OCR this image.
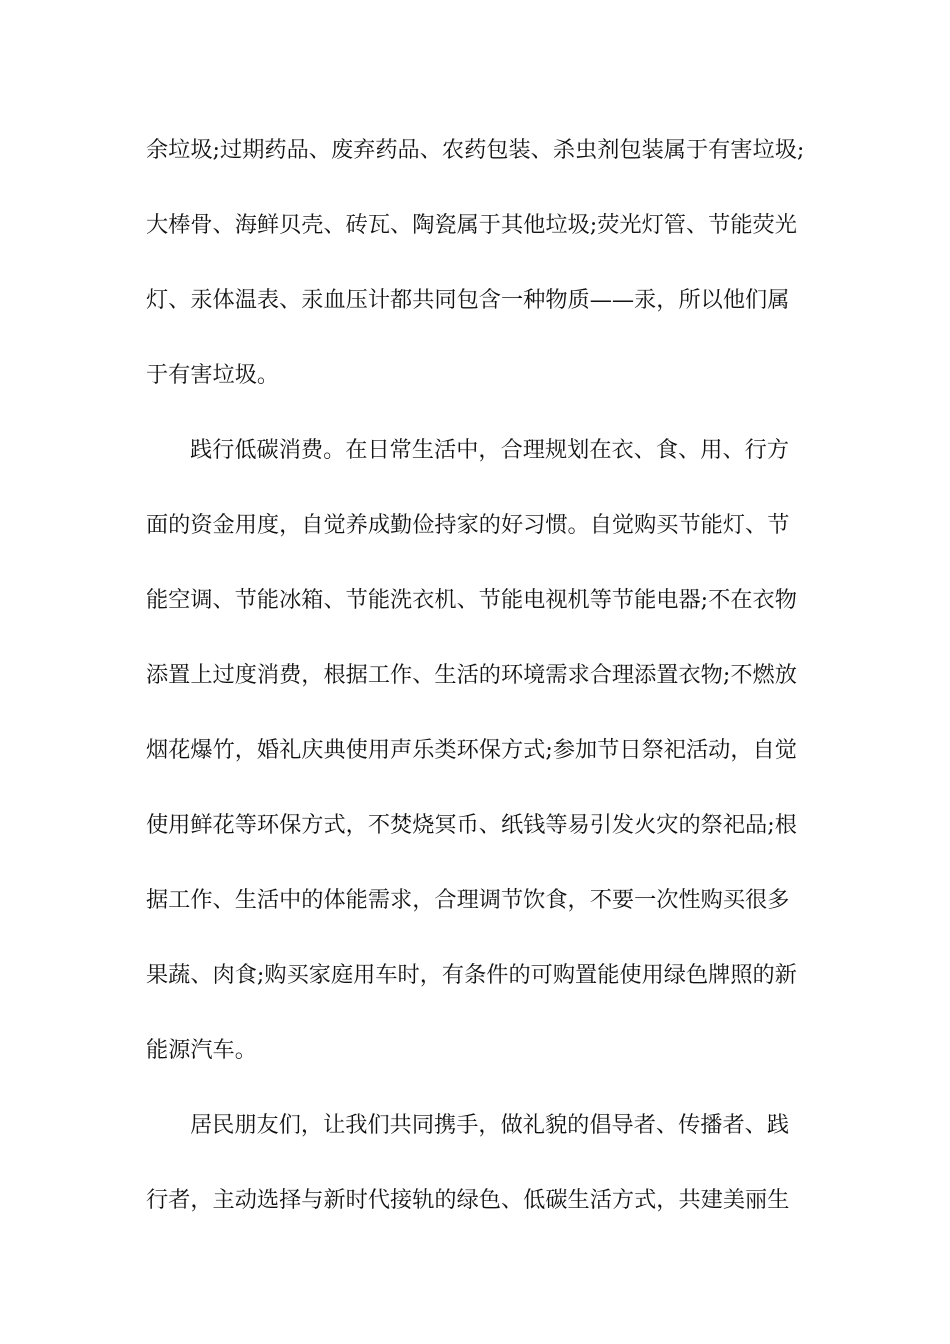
余垃圾;过期药品、废弃药品、农药包装、杀虫剂包装属于有害垃圾;
大棒骨、海鲜贝壳、砖瓦、陶瓷属于其他垃圾;荧光灯管、节能荧光
灯、汞体温表、汞血压计都共同包含一种物质——汞，所以他们属
于有害垃圾。
践行低碳消费。在日常生活中，合理规划在衣、食、用、行方
面的资金用度，自觉养成勤俭持家的好习惯。自觉购买节能灯、节
能空调、节能冰箱、节能洗衣机、节能电视机等节能电器;不在衣物
添置上过度消费，根据工作、生活的环境需求合理添置衣物;不燃放
烟花爆竹，婚礼庆典使用声乐类环保方式;参加节日祭祀活动，自觉
使用鲜花等环保方式，不焚烧冥币、纸钱等易引发火灾的祭祀品;根
据工作、生活中的体能需求，合理调节饮食，不要一次性购买很多
果蔬、肉食;购买家庭用车时，有条件的可购置能使用绿色牌照的新
能源汽车。
居民朋友们，让我们共同携手，做礼貌的倡导者、传播者、践
行者，主动选择与新时代接轨的绿色、低碳生活方式，共建美丽生
